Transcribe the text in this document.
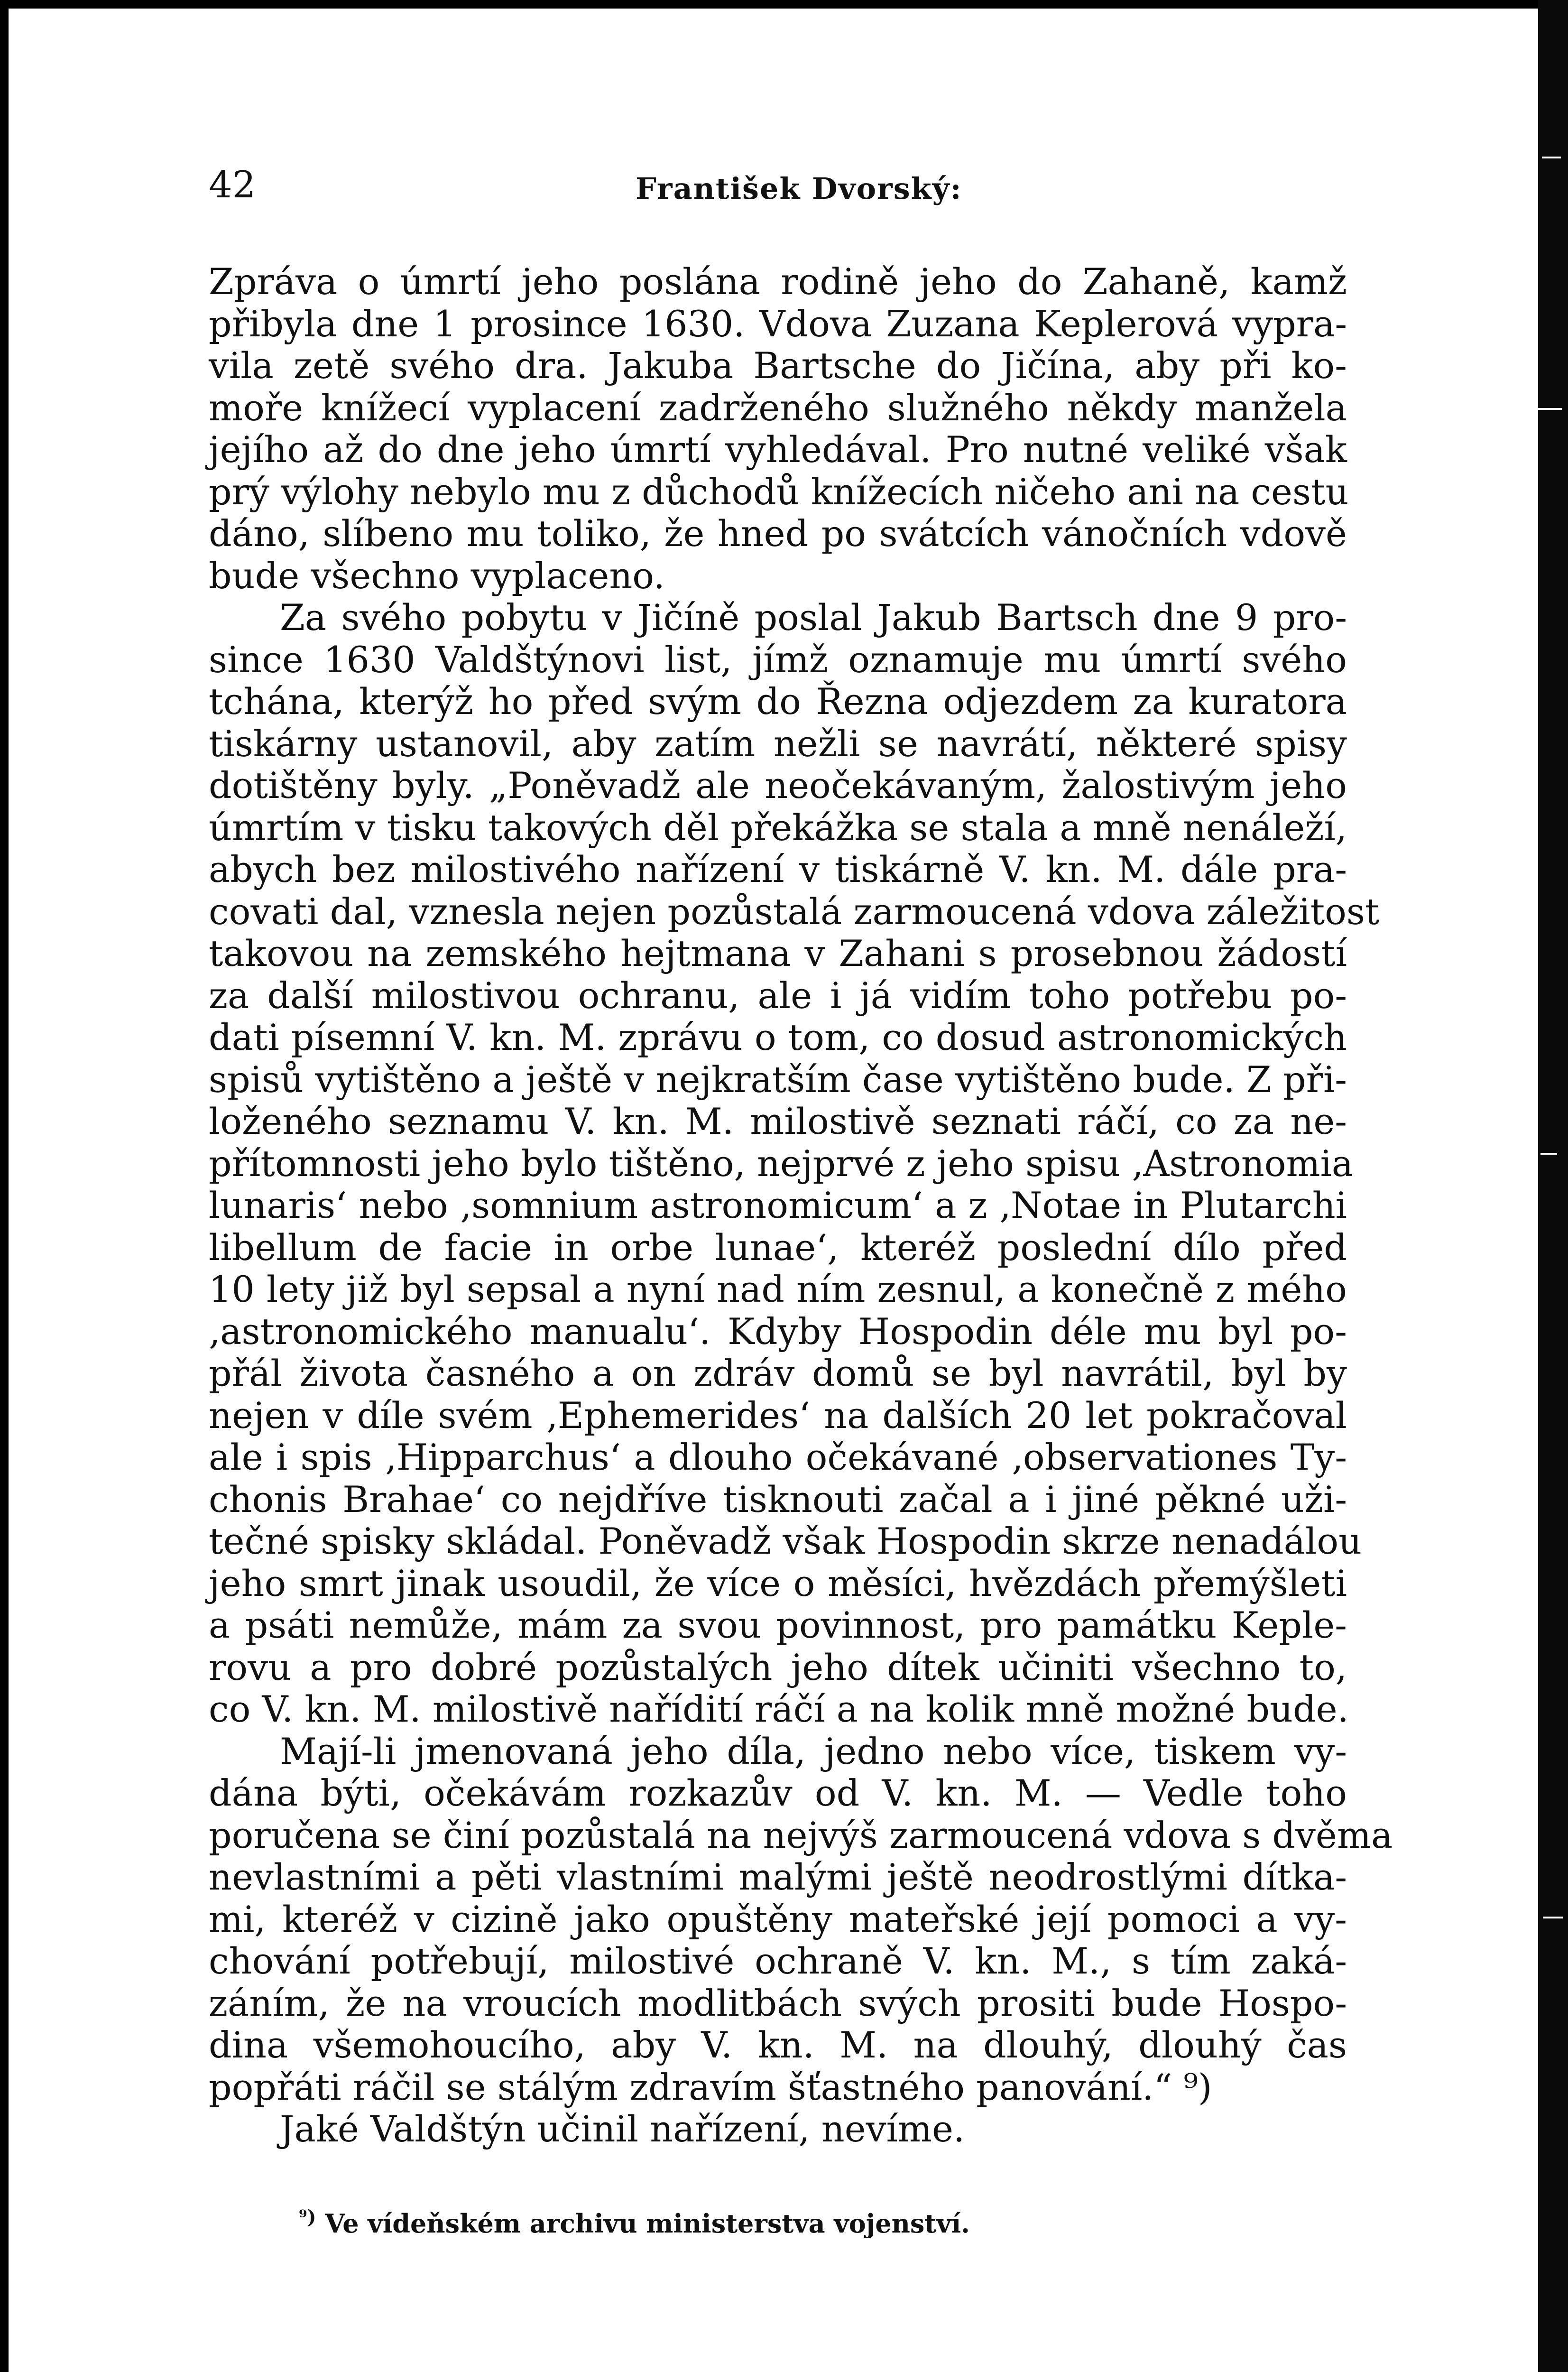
42	František Dvorský:
Zpráva o úmrtí jeho poslána rodině jeho do Zahaně, kamž
přibyla dne 1 prosince 1630. Vdova Zuzana Keplerová vypra-
vila zetě svého dra. Jakuba Bartsche do Jičína, aby při ko-
moře knížecí vyplacení zadrženého služného někdy manžela
jejího až do dne jeho úmrtí vyhledával. Pro nutné veliké však
prý výlohy nebylo mu z důchodů knížecích ničeho ani na cestu
dáno, slíbeno mu toliko, že hned po svátcích vánočních vdově
bude všechno vyplaceno.
Za svého pobytu v Jičíně poslal Jakub Bartsch dne 9 pro-
since 1630 Valdštýnovi list, jímž oznamuje mu úmrtí svého
tchána, kterýž ho před svým do Řezna odjezdem za kuratora
tiskárny ustanovil, aby zatím nežli se navrátí, některé spisy
dotištěny byly. „Poněvadž ale neočekávaným, žalostivým jeho
úmrtím v tisku takových děl překážka se stala a mně nenáleží,
abych bez milostivého nařízení v tiskárně V. kn. M. dále pra-
covati dal, vznesla nejen pozůstalá zarmoucená vdova záležitost
takovou na zemského hejtmana v Zahani s prosebnou žádostí
za další milostivou ochranu, ale i já vidím toho potřebu po-
dati písemní V. kn. M. zprávu o tom, co dosud astronomických
spisů vytištěno a ještě v nejkratším čase vytištěno bude. Z při-
loženého seznamu V. kn. M. milostivě seznati ráčí, co za ne-
přítomnosti jeho bylo tištěno, nejprvé z jeho spisu ‚Astronomia
lunaris‘ nebo ‚somnium astronomicum‘ a z ‚Notae in Plutarchi
libellum de facie in orbe lunae‘, kteréž poslední dílo před
10 lety již byl sepsal a nyní nad ním zesnul, a konečně z mého
‚astronomického manualu‘. Kdyby Hospodin déle mu byl po-
přál života časného a on zdráv domů se byl navrátil, byl by
nejen v díle svém ‚Ephemerides‘ na dalších 20 let pokračoval
ale i spis ‚Hipparchus‘ a dlouho očekávané ‚observationes Ty-
chonis Brahae‘ co nejdříve tisknouti začal a i jiné pěkné uži-
tečné spisky skládal. Poněvadž však Hospodin skrze nenadálou
jeho smrt jinak usoudil, že více o měsíci, hvězdách přemýšleti
a psáti nemůže, mám za svou povinnost, pro památku Keple-
rovu a pro dobré pozůstalých jeho dítek učiniti všechno to,
co V. kn. M. milostivě nařídití ráčí a na kolik mně možné bude.
Mají-li jmenovaná jeho díla, jedno nebo více, tiskem vy-
dána býti, očekávám rozkazův od V. kn. M. — Vedle toho
poručena se činí pozůstalá na nejvýš zarmoucená vdova s dvěma
nevlastními a pěti vlastními malými ještě neodrostlými dítka-
mi, kteréž v cizině jako opuštěny mateřské její pomoci a vy-
chování potřebují, milostivé ochraně V. kn. M., s tím zaká-
záním, že na vroucích modlitbách svých prositi bude Hospo-
dina všemohoucího, aby V. kn. M. na dlouhý, dlouhý čas
popřáti ráčil se stálým zdravím šťastného panování.“ ⁹)
Jaké Valdštýn učinil nařízení, nevíme.
$^{^9)}$ Ve vídeňském archivu ministerstva vojenství.
